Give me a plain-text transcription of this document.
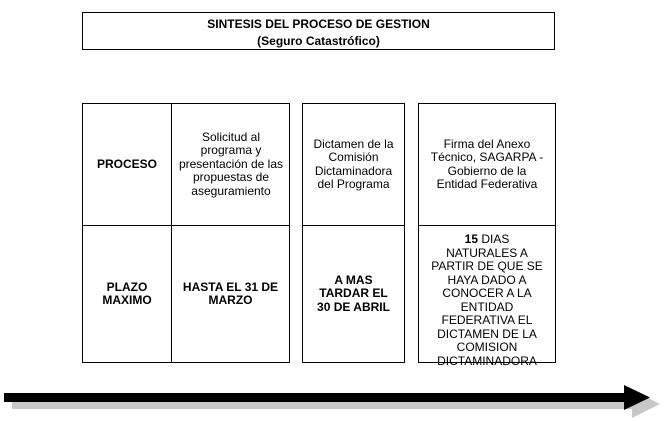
SINTESIS DEL PROCESO DE GESTION
(Seguro Catastrófico)
PROCESO
Solicitud al programa y presentación de las propuestas de aseguramiento
PLAZO MAXIMO
HASTA EL 31 DE MARZO
Dictamen de la Comisión Dictaminadora del Programa
A MAS TARDAR EL 30 DE ABRIL
Firma del Anexo Técnico, SAGARPA - Gobierno de la Entidad Federativa
15 DIAS NATURALES A PARTIR DE QUE SE HAYA DADO A CONOCER A LA ENTIDAD FEDERATIVA EL DICTAMEN DE LA COMISION DICTAMINADORA
